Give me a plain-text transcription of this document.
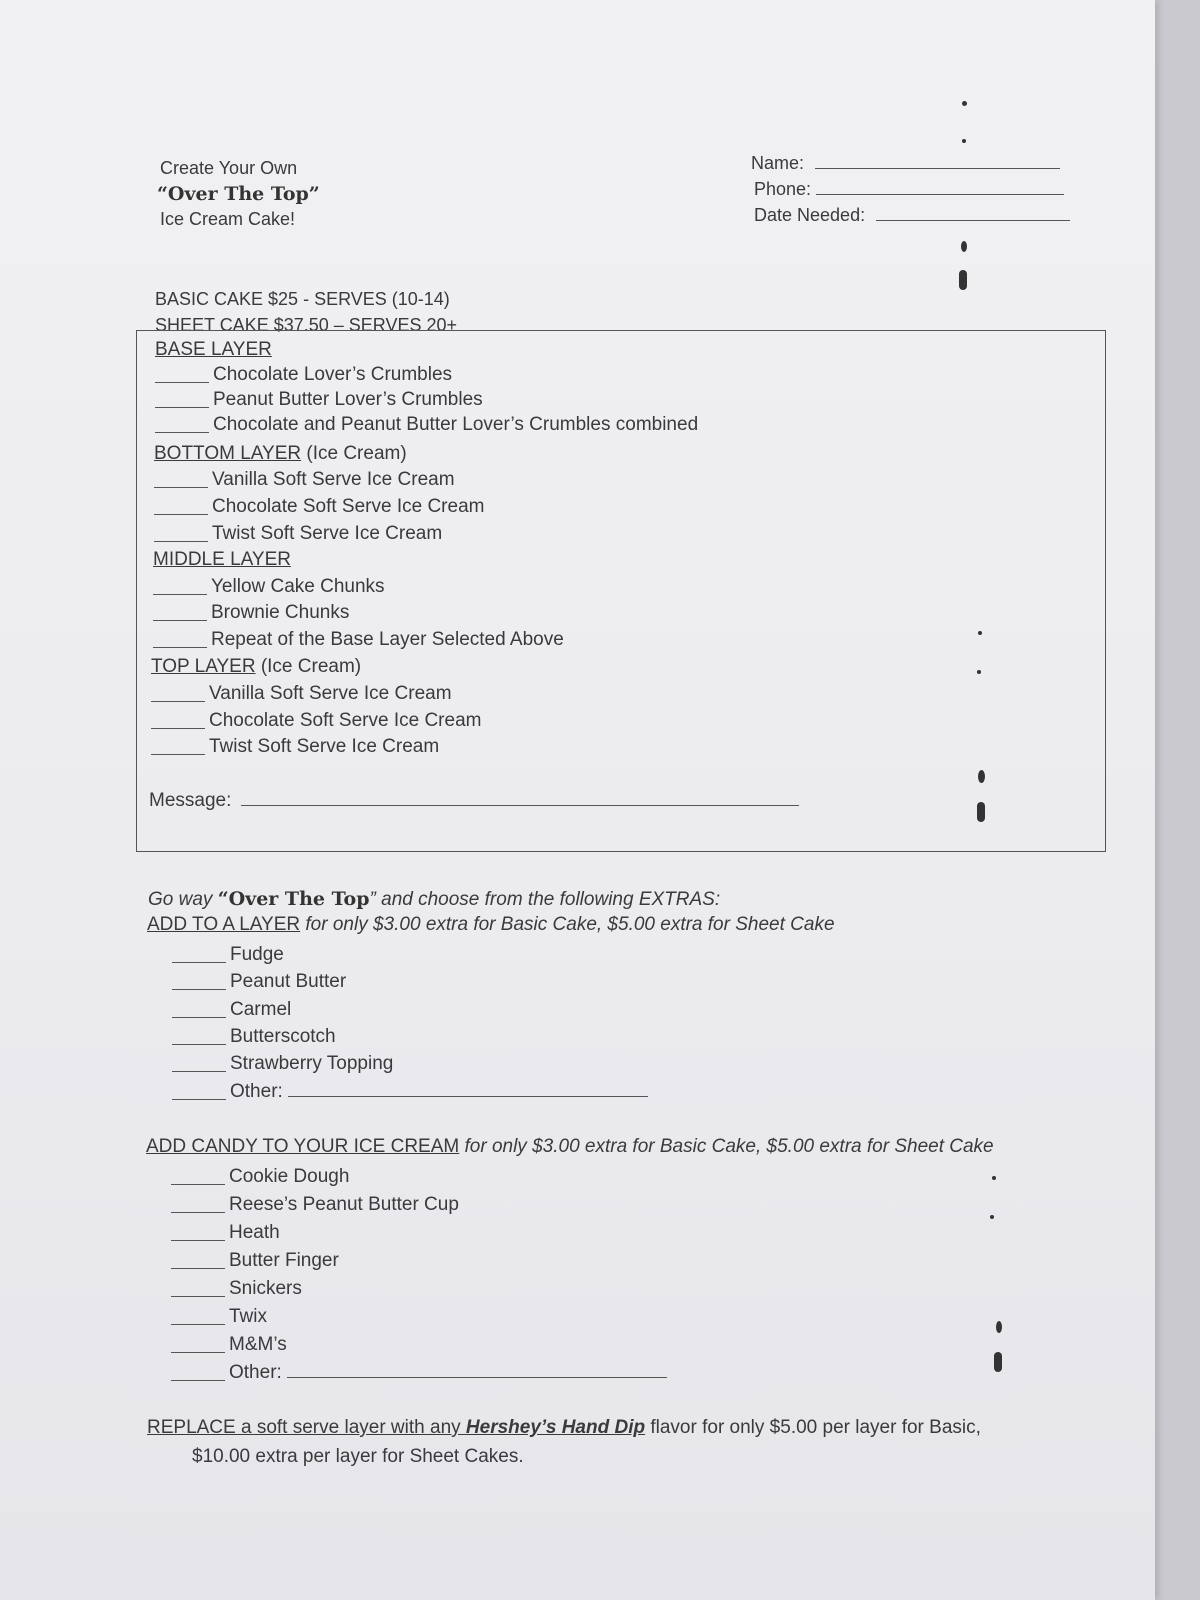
Create Your Own
“Over The Top”
Ice Cream Cake!
Name:
Phone:
Date Needed:
BASIC CAKE $25 - SERVES (10-14)
SHEET CAKE $37.50 – SERVES 20+
BASE LAYER
Chocolate Lover’s Crumbles
Peanut Butter Lover’s Crumbles
Chocolate and Peanut Butter Lover’s Crumbles combined
BOTTOM LAYER (Ice Cream)
Vanilla Soft Serve Ice Cream
Chocolate Soft Serve Ice Cream
Twist Soft Serve Ice Cream
MIDDLE LAYER
Yellow Cake Chunks
Brownie Chunks
Repeat of the Base Layer Selected Above
TOP LAYER (Ice Cream)
Vanilla Soft Serve Ice Cream
Chocolate Soft Serve Ice Cream
Twist Soft Serve Ice Cream
Message:
Go way “Over The Top” and choose from the following EXTRAS:
ADD TO A LAYER for only $3.00 extra for Basic Cake, $5.00 extra for Sheet Cake
Fudge
Peanut Butter
Carmel
Butterscotch
Strawberry Topping
Other:
ADD CANDY TO YOUR ICE CREAM for only $3.00 extra for Basic Cake, $5.00 extra for Sheet Cake
Cookie Dough
Reese’s Peanut Butter Cup
Heath
Butter Finger
Snickers
Twix
M&M’s
Other:
REPLACE a soft serve layer with any Hershey’s Hand Dip flavor for only $5.00 per layer for Basic,
$10.00 extra per layer for Sheet Cakes.
